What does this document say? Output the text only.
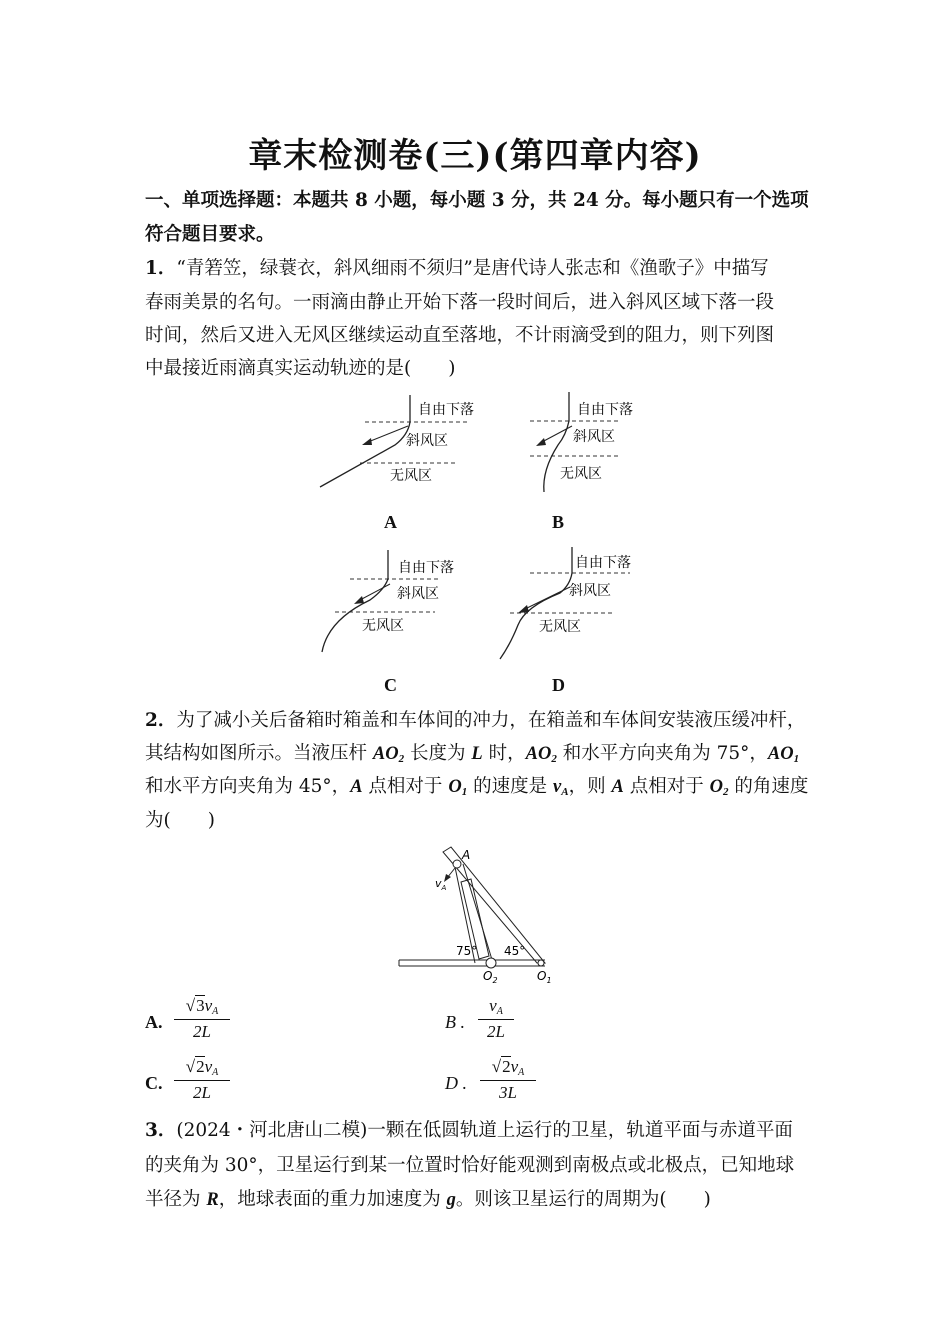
章末检测卷(三)(第四章内容)
一、单项选择题：本题共 8 小题，每小题 3 分，共 24 分。每小题只有一个选项
符合题目要求。
1．“青箬笠，绿蓑衣，斜风细雨不须归”是唐代诗人张志和《渔歌子》中描写
春雨美景的名句。一雨滴由静止开始下落一段时间后，进入斜风区域下落一段
时间，然后又进入无风区继续运动直至落地，不计雨滴受到的阻力，则下列图
中最接近雨滴真实运动轨迹的是(　　)
自由下落
斜风区
无风区
A
自由下落
斜风区
无风区
B
自由下落
斜风区
无风区
C
自由下落
斜风区
无风区
D
2．为了减小关后备箱时箱盖和车体间的冲力，在箱盖和车体间安装液压缓冲杆，
其结构如图所示。当液压杆 $AO_2$ 长度为 L 时，$AO_2$ 和水平方向夹角为 75°，$AO_1$
和水平方向夹角为 45°，A 点相对于 $O_1$ 的速度是 $v_A$，则 A 点相对于 $O_2$ 的角速度
为(　　)
A
$v_A$
75° 45°
$O_2$	$O_1$
A. $\frac{√3v_A}{2L}$	B . $\frac{v_A}{2L}$
C. $\frac{√2v_A}{2L}$	D . $\frac{√2v_A}{3L}$
3．(2024・河北唐山二模)一颗在低圆轨道上运行的卫星，轨道平面与赤道平面
的夹角为 30°，卫星运行到某一位置时恰好能观测到南极点或北极点，已知地球
半径为 R，地球表面的重力加速度为 g。则该卫星运行的周期为(　　)
